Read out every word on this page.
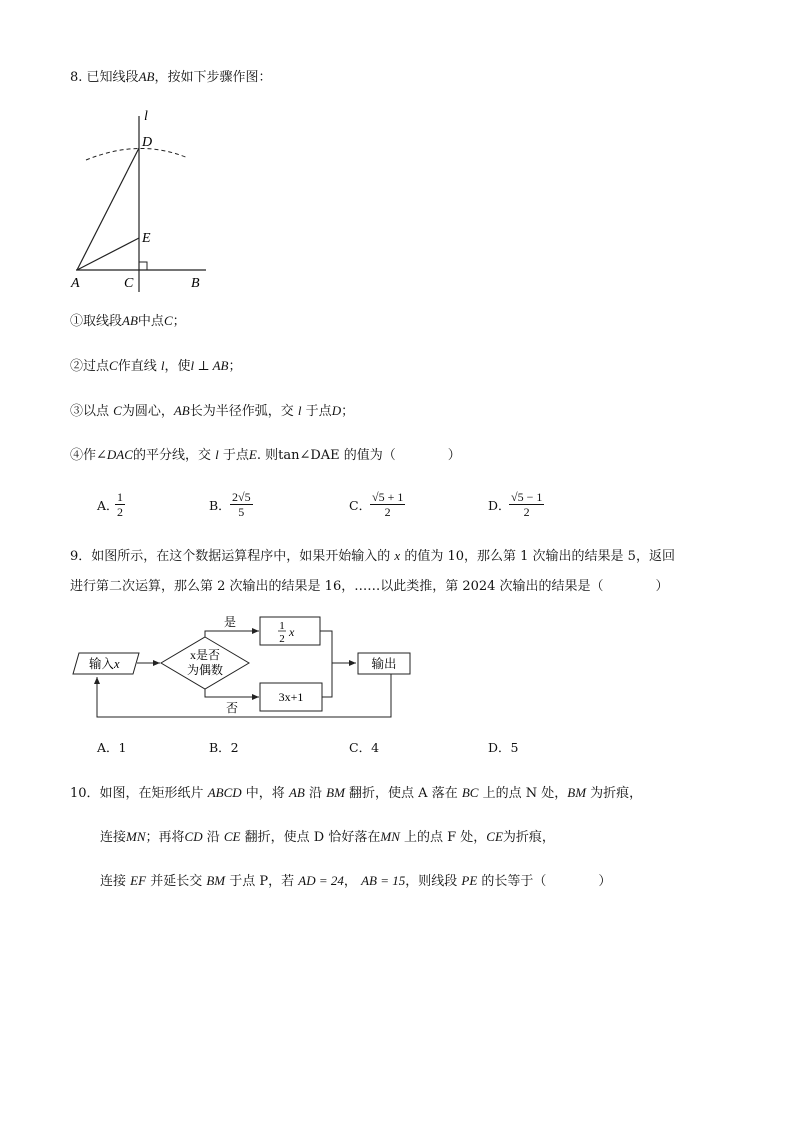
8. 已知线段AB，按如下步骤作图：
l
D
E
A	C	B
①取线段AB中点C；
②过点C作直线 l，使l ⊥ AB；
③以点 C为圆心，AB长为半径作弧，交 l 于点D；
④作∠DAC的平分线，交 l 于点E. 则tan∠DAE 的值为（　　　　）
A．
1
2	B．
2√5
5	C．
√5 + 1
2	D．
√5 − 1
2
9．如图所示，在这个数据运算程序中，如果开始输入的 x 的值为 10，那么第 1 次输出的结果是 5，返回
进行第二次运算，那么第 2 次输出的结果是 16，……以此类推，第 2024 次输出的结果是（　　　　）
输入x
x是否
为偶数
是
否
1
2 x
3x+1
输出
A．1	B．2	C．4	D．5
10．如图，在矩形纸片 ABCD 中，将 AB 沿 BM 翻折，使点 A 落在 BC 上的点 N 处，BM 为折痕，
连接MN；再将CD 沿 CE 翻折，使点 D 恰好落在MN 上的点 F 处，CE为折痕，
连接 EF 并延长交 BM 于点 P，若 AD = 24， AB = 15，则线段 PE 的长等于（　　　　）
